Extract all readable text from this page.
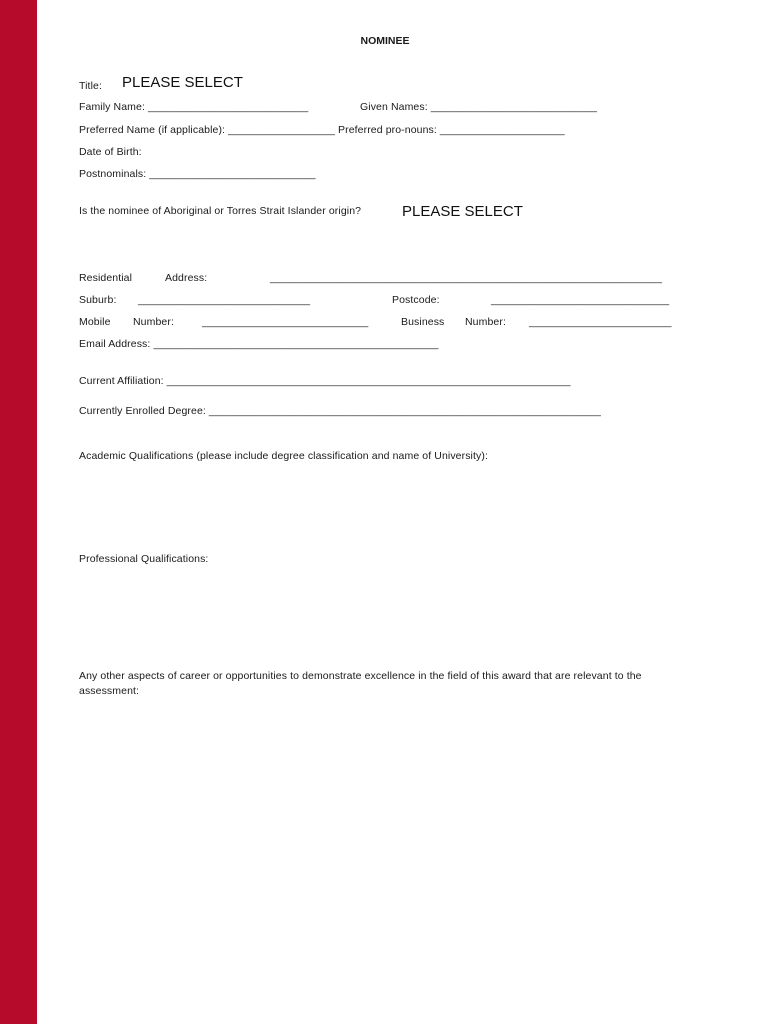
NOMINEE
Title: PLEASE SELECT
Family Name: ___________________________	Given Names: ____________________________
Preferred Name (if applicable): __________________ Preferred pro-nouns: _____________________
Date of Birth:
Postnominals: ____________________________
Is the nominee of Aboriginal or Torres Strait Islander origin?	PLEASE SELECT
Residential	Address:	__________________________________________________________________
Suburb: _____________________________	Postcode:	______________________________
Mobile Number:	____________________________	Business Number: ________________________
Email Address: ________________________________________________
Current Affiliation: ____________________________________________________________________
Currently Enrolled Degree: __________________________________________________________________
Academic Qualifications (please include degree classification and name of University):
Professional Qualifications:
Any other aspects of career or opportunities to demonstrate excellence in the field of this award that are relevant to the assessment:
